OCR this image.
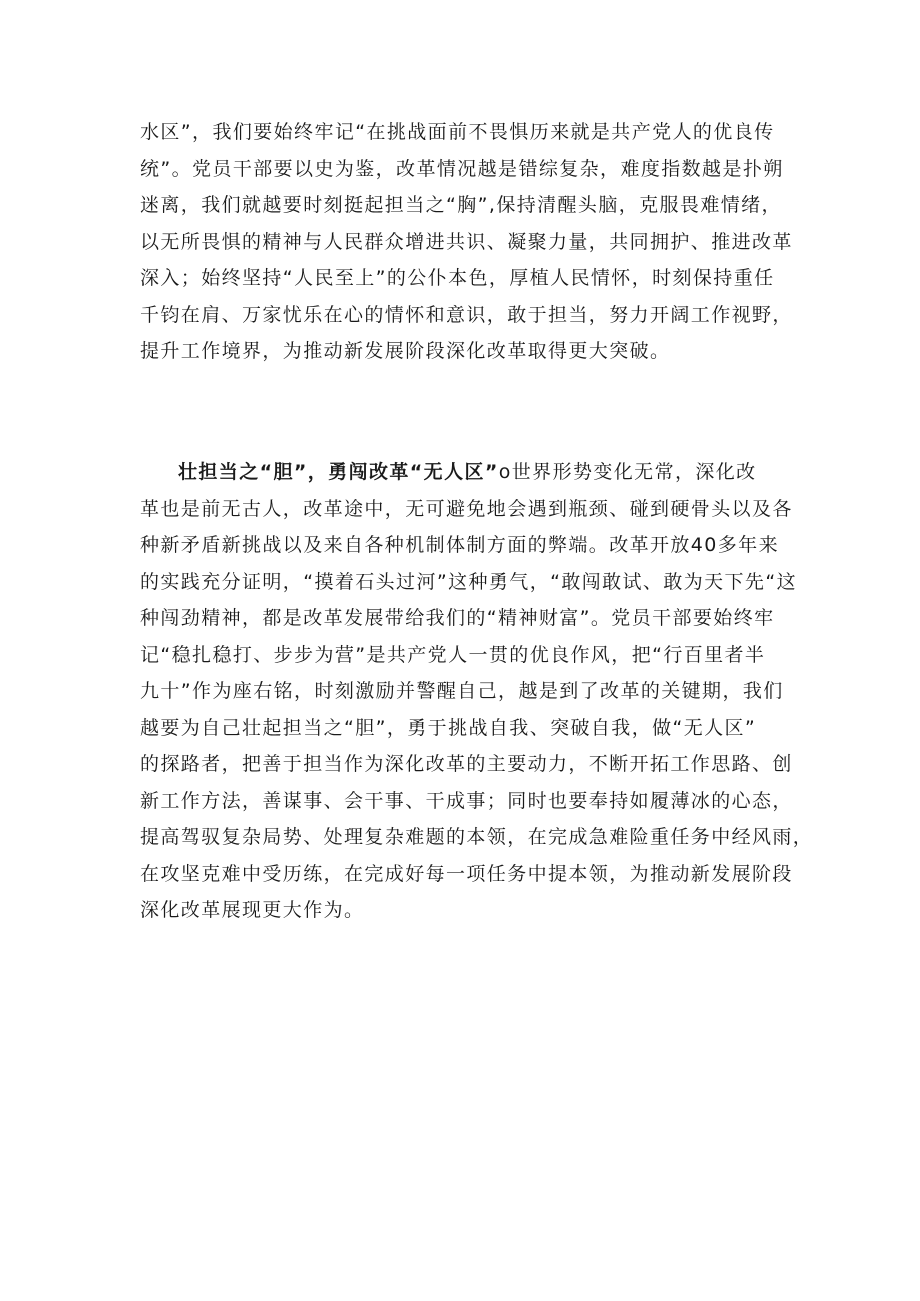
水区”，我们要始终牢记“在挑战面前不畏惧历来就是共产党人的优良传
统”。党员干部要以史为鉴，改革情况越是错综复杂，难度指数越是扑朔
迷离，我们就越要时刻挺起担当之“胸”,保持清醒头脑，克服畏难情绪，
以无所畏惧的精神与人民群众增进共识、凝聚力量，共同拥护、推进改革
深入；始终坚持“人民至上”的公仆本色，厚植人民情怀，时刻保持重任
千钧在肩、万家忧乐在心的情怀和意识，敢于担当，努力开阔工作视野，
提升工作境界，为推动新发展阶段深化改革取得更大突破。
壮担当之“胆”，勇闯改革“无人区”o世界形势变化无常，深化改
革也是前无古人，改革途中，无可避免地会遇到瓶颈、碰到硬骨头以及各
种新矛盾新挑战以及来自各种机制体制方面的弊端。改革开放40多年来
的实践充分证明，“摸着石头过河”这种勇气，“敢闯敢试、敢为天下先“这
种闯劲精神，都是改革发展带给我们的“精神财富”。党员干部要始终牢
记“稳扎稳打、步步为营”是共产党人一贯的优良作风，把“行百里者半
九十”作为座右铭，时刻激励并警醒自己，越是到了改革的关键期，我们
越要为自己壮起担当之“胆”，勇于挑战自我、突破自我，做“无人区”
的探路者，把善于担当作为深化改革的主要动力，不断开拓工作思路、创
新工作方法，善谋事、会干事、干成事；同时也要奉持如履薄冰的心态，
提高驾驭复杂局势、处理复杂难题的本领，在完成急难险重任务中经风雨，
在攻坚克难中受历练，在完成好每一项任务中提本领，为推动新发展阶段
深化改革展现更大作为。
